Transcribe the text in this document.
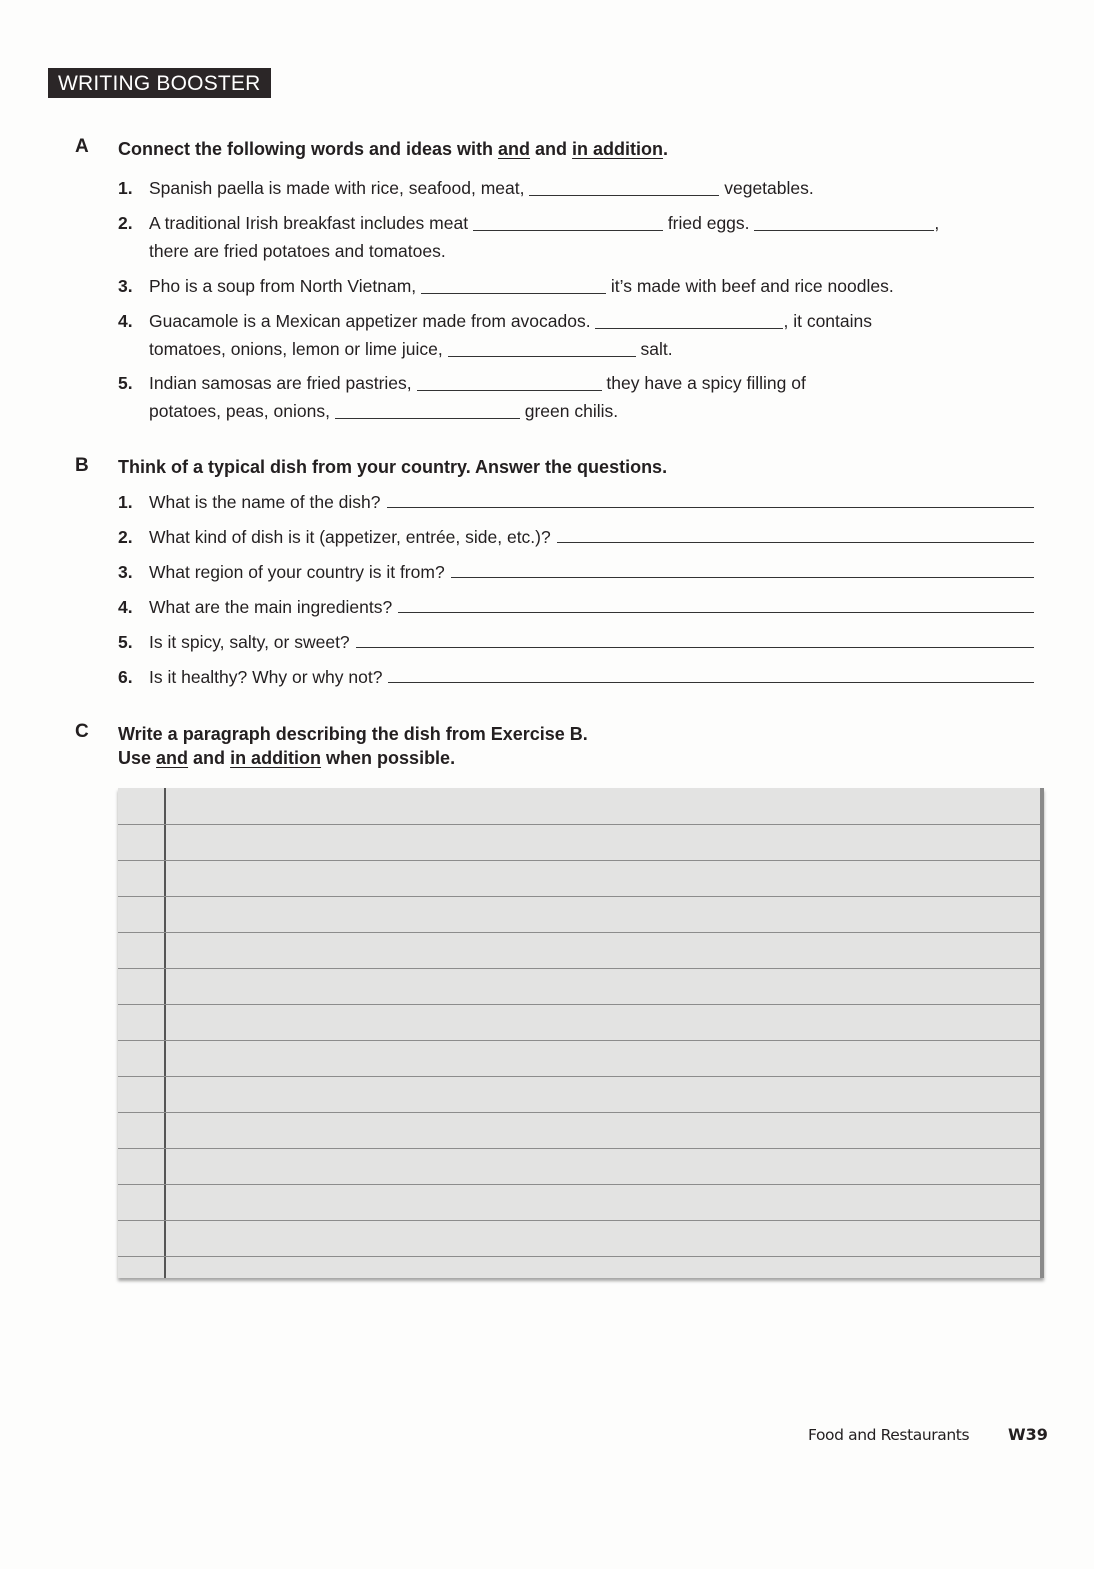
WRITING BOOSTER
A Connect the following words and ideas with and and in addition.
1. Spanish paella is made with rice, seafood, meat,	vegetables.
2. A traditional Irish breakfast includes meat	fried eggs.	,
there are fried potatoes and tomatoes.
3. Pho is a soup from North Vietnam,	it’s made with beef and rice noodles.
4. Guacamole is a Mexican appetizer made from avocados.	, it contains
tomatoes, onions, lemon or lime juice,	salt.
5. Indian samosas are fried pastries,	they have a spicy filling of
potatoes, peas, onions,	green chilis.
B Think of a typical dish from your country. Answer the questions.
1. What is the name of the dish?
2. What kind of dish is it (appetizer, entrée, side, etc.)?
3. What region of your country is it from?
4. What are the main ingredients?
5. Is it spicy, salty, or sweet?
6. Is it healthy? Why or why not?
C Write a paragraph describing the dish from Exercise B.
Use and and in addition when possible.
Food and Restaurants W39
